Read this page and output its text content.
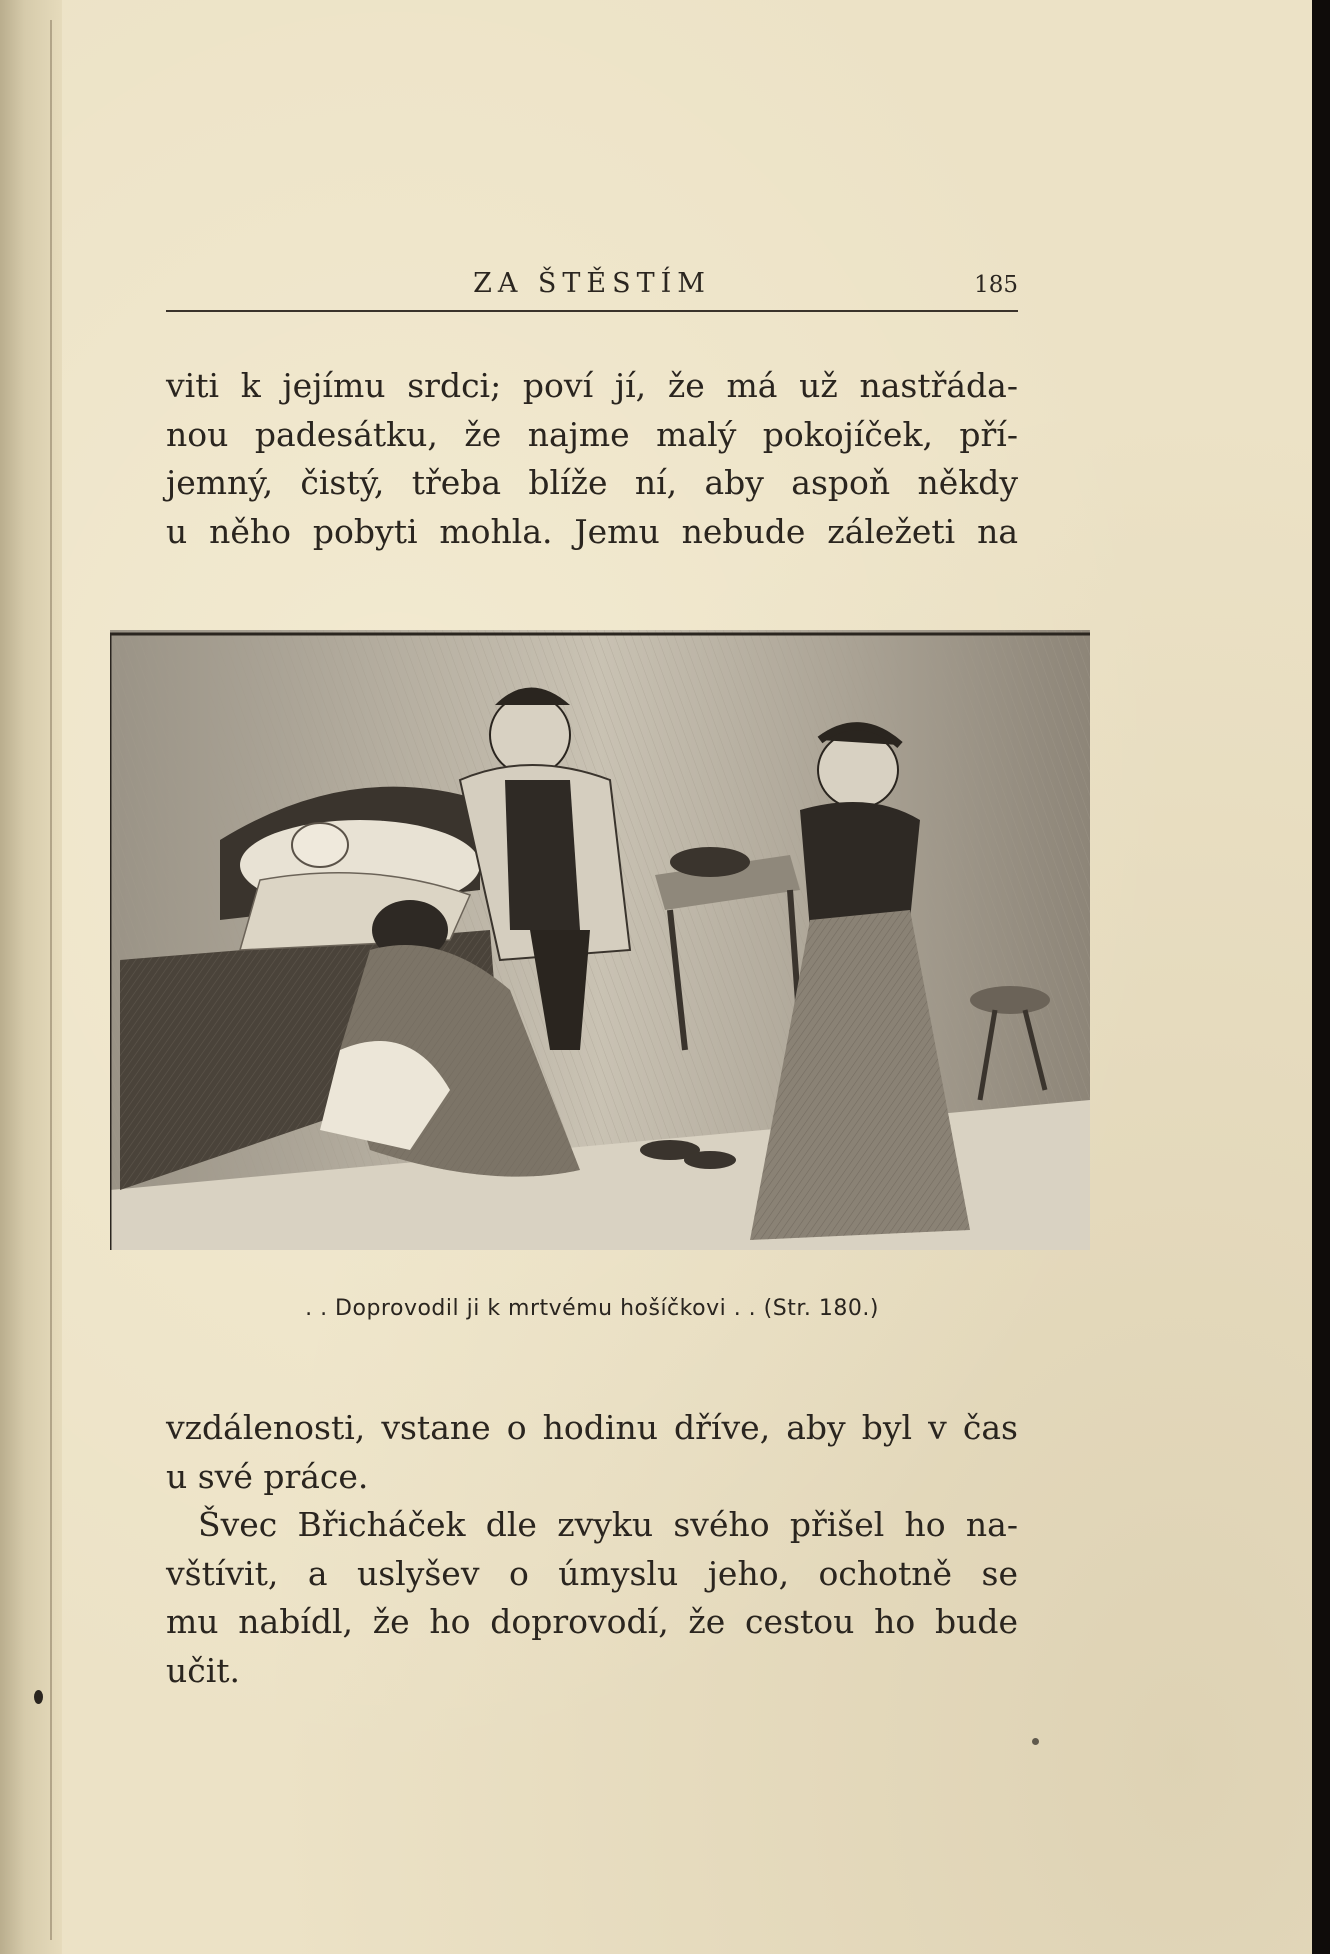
ZA ŠTĚSTÍM	185
viti k jejímu srdci; poví jí, že má už nastřáda-
nou padesátku, že najme malý pokojíček, pří-
jemný, čistý, třeba blíže ní, aby aspoň někdy
u něho pobyti mohla. Jemu nebude záležeti na
. . Doprovodil ji k mrtvému hošíčkovi . . (Str. 180.)
vzdálenosti, vstane o hodinu dříve, aby byl v čas
u své práce.
Švec Břicháček dle zvyku svého přišel ho na-
vštívit, a uslyšev o úmyslu jeho, ochotně se
mu nabídl, že ho doprovodí, že cestou ho bude
učit.
